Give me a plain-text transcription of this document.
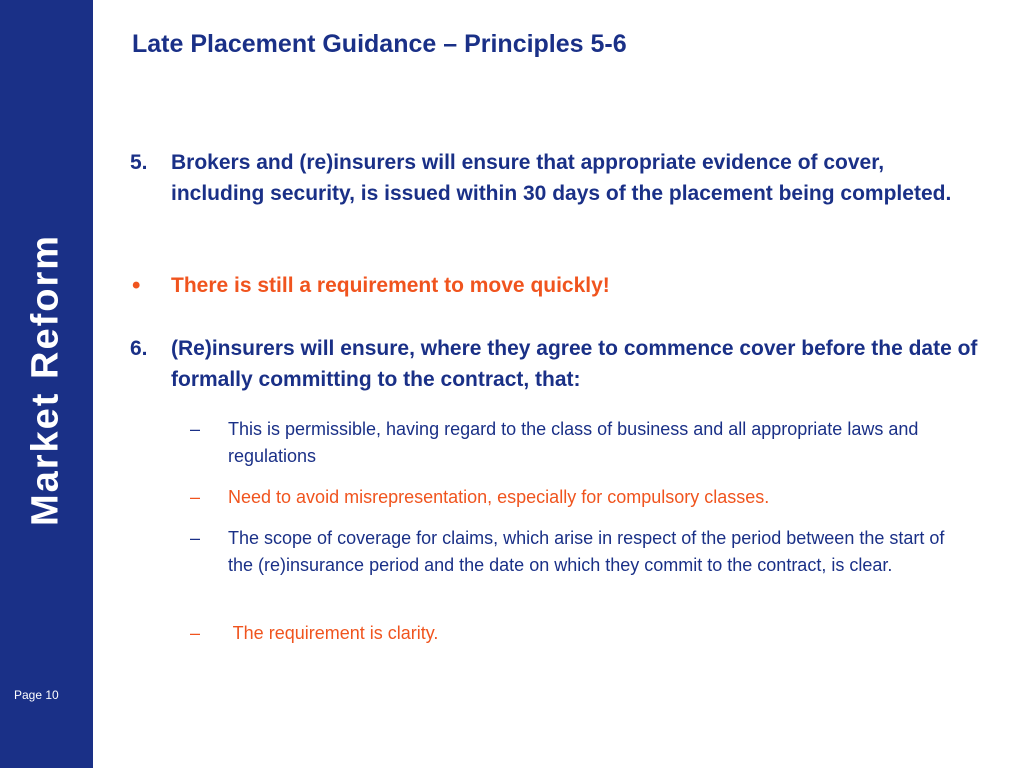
Market Reform
Page 10
Late Placement Guidance – Principles 5-6
5. Brokers and (re)insurers will ensure that appropriate evidence of cover, including security, is issued within 30 days of the placement being completed.
• There is still a requirement to move quickly!
6. (Re)insurers will ensure, where they agree to commence cover before the date of formally committing to the contract, that:
– This is permissible, having regard to the class of business and all appropriate laws and regulations
– Need to avoid misrepresentation, especially for compulsory classes.
– The scope of coverage for claims, which arise in respect of the period between the start of the (re)insurance period and the date on which they commit to the contract, is clear.
– The requirement is clarity.
